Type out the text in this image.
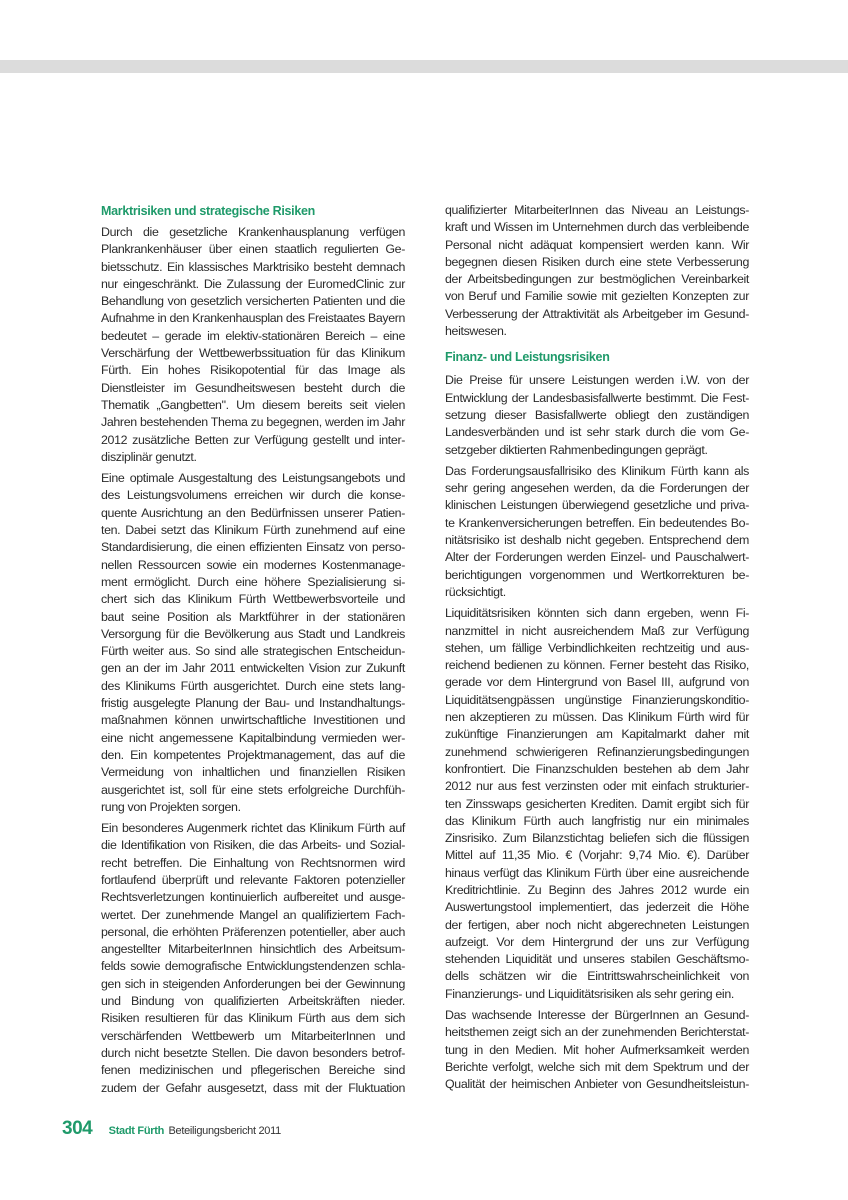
Marktrisiken und strategische Risiken
Durch die gesetzliche Krankenhausplanung verfügen
Plankrankenhäuser über einen staatlich regulierten Ge-
bietsschutz. Ein klassisches Marktrisiko besteht demnach
nur eingeschränkt. Die Zulassung der EuromedClinic zur
Behandlung von gesetzlich versicherten Patienten und die
Aufnahme in den Krankenhausplan des Freistaates Bayern
bedeutet – gerade im elektiv-stationären Bereich – eine
Verschärfung der Wettbewerbssituation für das Klinikum
Fürth. Ein hohes Risikopotential für das Image als
Dienstleister im Gesundheitswesen besteht durch die
Thematik „Gangbetten". Um diesem bereits seit vielen
Jahren bestehenden Thema zu begegnen, werden im Jahr
2012 zusätzliche Betten zur Verfügung gestellt und inter-
disziplinär genutzt.
Eine optimale Ausgestaltung des Leistungsangebots und
des Leistungsvolumens erreichen wir durch die konse-
quente Ausrichtung an den Bedürfnissen unserer Patien-
ten. Dabei setzt das Klinikum Fürth zunehmend auf eine
Standardisierung, die einen effizienten Einsatz von perso-
nellen Ressourcen sowie ein modernes Kostenmanage-
ment ermöglicht. Durch eine höhere Spezialisierung si-
chert sich das Klinikum Fürth Wettbewerbsvorteile und
baut seine Position als Marktführer in der stationären
Versorgung für die Bevölkerung aus Stadt und Landkreis
Fürth weiter aus. So sind alle strategischen Entscheidun-
gen an der im Jahr 2011 entwickelten Vision zur Zukunft
des Klinikums Fürth ausgerichtet. Durch eine stets lang-
fristig ausgelegte Planung der Bau- und Instandhaltungs-
maßnahmen können unwirtschaftliche Investitionen und
eine nicht angemessene Kapitalbindung vermieden wer-
den. Ein kompetentes Projektmanagement, das auf die
Vermeidung von inhaltlichen und finanziellen Risiken
ausgerichtet ist, soll für eine stets erfolgreiche Durchfüh-
rung von Projekten sorgen.
Ein besonderes Augenmerk richtet das Klinikum Fürth auf
die Identifikation von Risiken, die das Arbeits- und Sozial-
recht betreffen. Die Einhaltung von Rechtsnormen wird
fortlaufend überprüft und relevante Faktoren potenzieller
Rechtsverletzungen kontinuierlich aufbereitet und ausge-
wertet. Der zunehmende Mangel an qualifiziertem Fach-
personal, die erhöhten Präferenzen potentieller, aber auch
angestellter MitarbeiterInnen hinsichtlich des Arbeitsum-
felds sowie demografische Entwicklungstendenzen schla-
gen sich in steigenden Anforderungen bei der Gewinnung
und Bindung von qualifizierten Arbeitskräften nieder.
Risiken resultieren für das Klinikum Fürth aus dem sich
verschärfenden Wettbewerb um MitarbeiterInnen und
durch nicht besetzte Stellen. Die davon besonders betrof-
fenen medizinischen und pflegerischen Bereiche sind
zudem der Gefahr ausgesetzt, dass mit der Fluktuation
qualifizierter MitarbeiterInnen das Niveau an Leistungs-
kraft und Wissen im Unternehmen durch das verbleibende
Personal nicht adäquat kompensiert werden kann. Wir
begegnen diesen Risiken durch eine stete Verbesserung
der Arbeitsbedingungen zur bestmöglichen Vereinbarkeit
von Beruf und Familie sowie mit gezielten Konzepten zur
Verbesserung der Attraktivität als Arbeitgeber im Gesund-
heitswesen.
Finanz- und Leistungsrisiken
Die Preise für unsere Leistungen werden i.W. von der
Entwicklung der Landesbasisfallwerte bestimmt. Die Fest-
setzung dieser Basisfallwerte obliegt den zuständigen
Landesverbänden und ist sehr stark durch die vom Ge-
setzgeber diktierten Rahmenbedingungen geprägt.
Das Forderungsausfallrisiko des Klinikum Fürth kann als
sehr gering angesehen werden, da die Forderungen der
klinischen Leistungen überwiegend gesetzliche und priva-
te Krankenversicherungen betreffen. Ein bedeutendes Bo-
nitätsrisiko ist deshalb nicht gegeben. Entsprechend dem
Alter der Forderungen werden Einzel- und Pauschalwert-
berichtigungen vorgenommen und Wertkorrekturen be-
rücksichtigt.
Liquiditätsrisiken könnten sich dann ergeben, wenn Fi-
nanzmittel in nicht ausreichendem Maß zur Verfügung
stehen, um fällige Verbindlichkeiten rechtzeitig und aus-
reichend bedienen zu können. Ferner besteht das Risiko,
gerade vor dem Hintergrund von Basel III, aufgrund von
Liquiditätsengpässen ungünstige Finanzierungskonditio-
nen akzeptieren zu müssen. Das Klinikum Fürth wird für
zukünftige Finanzierungen am Kapitalmarkt daher mit
zunehmend schwierigeren Refinanzierungsbedingungen
konfrontiert. Die Finanzschulden bestehen ab dem Jahr
2012 nur aus fest verzinsten oder mit einfach strukturier-
ten Zinsswaps gesicherten Krediten. Damit ergibt sich für
das Klinikum Fürth auch langfristig nur ein minimales
Zinsrisiko. Zum Bilanzstichtag beliefen sich die flüssigen
Mittel auf 11,35 Mio. € (Vorjahr: 9,74 Mio. €). Darüber
hinaus verfügt das Klinikum Fürth über eine ausreichende
Kreditrichtlinie. Zu Beginn des Jahres 2012 wurde ein
Auswertungstool implementiert, das jederzeit die Höhe
der fertigen, aber noch nicht abgerechneten Leistungen
aufzeigt. Vor dem Hintergrund der uns zur Verfügung
stehenden Liquidität und unseres stabilen Geschäftsmo-
dells schätzen wir die Eintrittswahrscheinlichkeit von
Finanzierungs- und Liquiditätsrisiken als sehr gering ein.
Das wachsende Interesse der BürgerInnen an Gesund-
heitsthemen zeigt sich an der zunehmenden Berichterstat-
tung in den Medien. Mit hoher Aufmerksamkeit werden
Berichte verfolgt, welche sich mit dem Spektrum und der
Qualität der heimischen Anbieter von Gesundheitsleistun-
304 Stadt Fürth Beteiligungsbericht 2011
